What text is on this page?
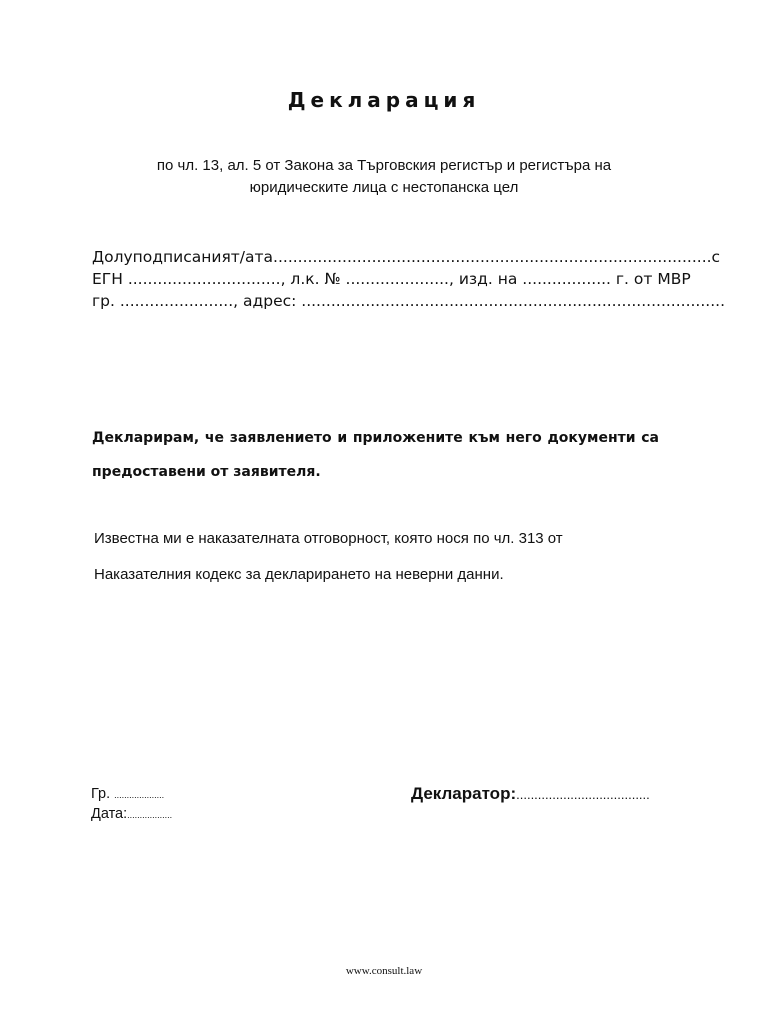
Декларация
по чл. 13, ал. 5 от Закона за Търговския регистър и регистъра на
юридическите лица с нестопанска цел
Долуподписаният/ата.........................................................................................с
ЕГН ..............................., л.к. № ....................., изд. на .................. г. от МВР
гр. ......................., адрес: ......................................................................................
Декларирам, че заявлението и приложените към него документи са
предоставени от заявителя.
Известна ми е наказателната отговорност, която нося по чл. 313 от
Наказателния кодекс за декларирането на неверни данни.
Гр. ....................
Дата:..................
Декларатор:.....................................
www.consult.law
